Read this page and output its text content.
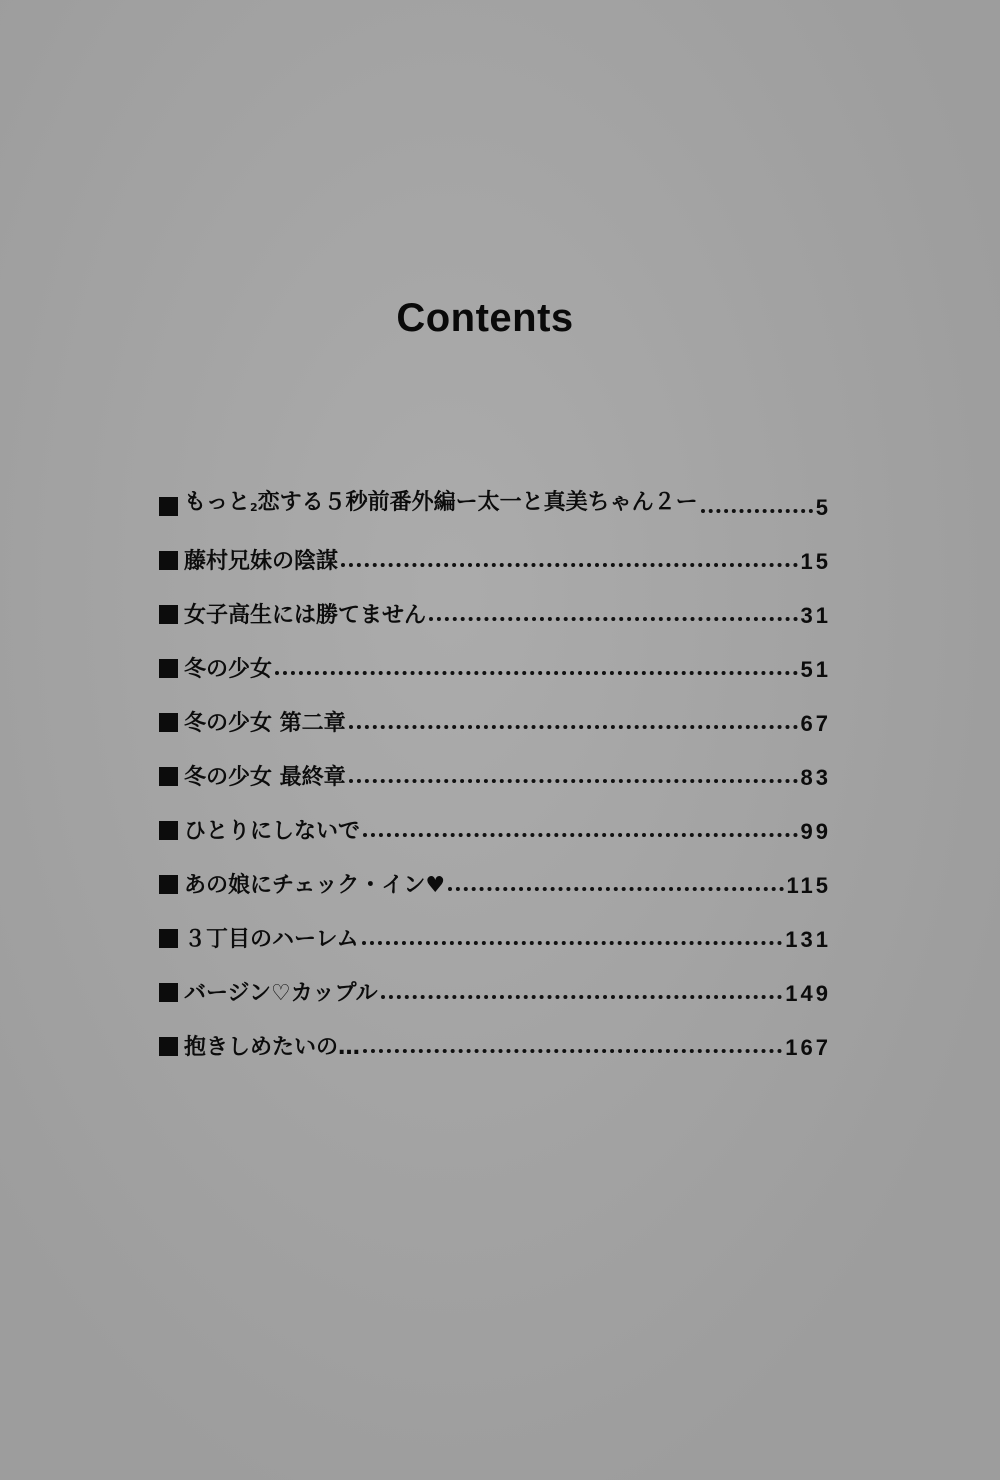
Contents
もっと$_2$恋する５秒前番外編ー太一と真美ちゃん２ー	5
藤村兄妹の陰謀	15
女子高生には勝てません	31
冬の少女	51
冬の少女 第二章	67
冬の少女 最終章	83
ひとりにしないで	99
あの娘にチェック・イン♥	115
３丁目のハーレム	131
バージン♡カップル	149
抱きしめたいの…	167
